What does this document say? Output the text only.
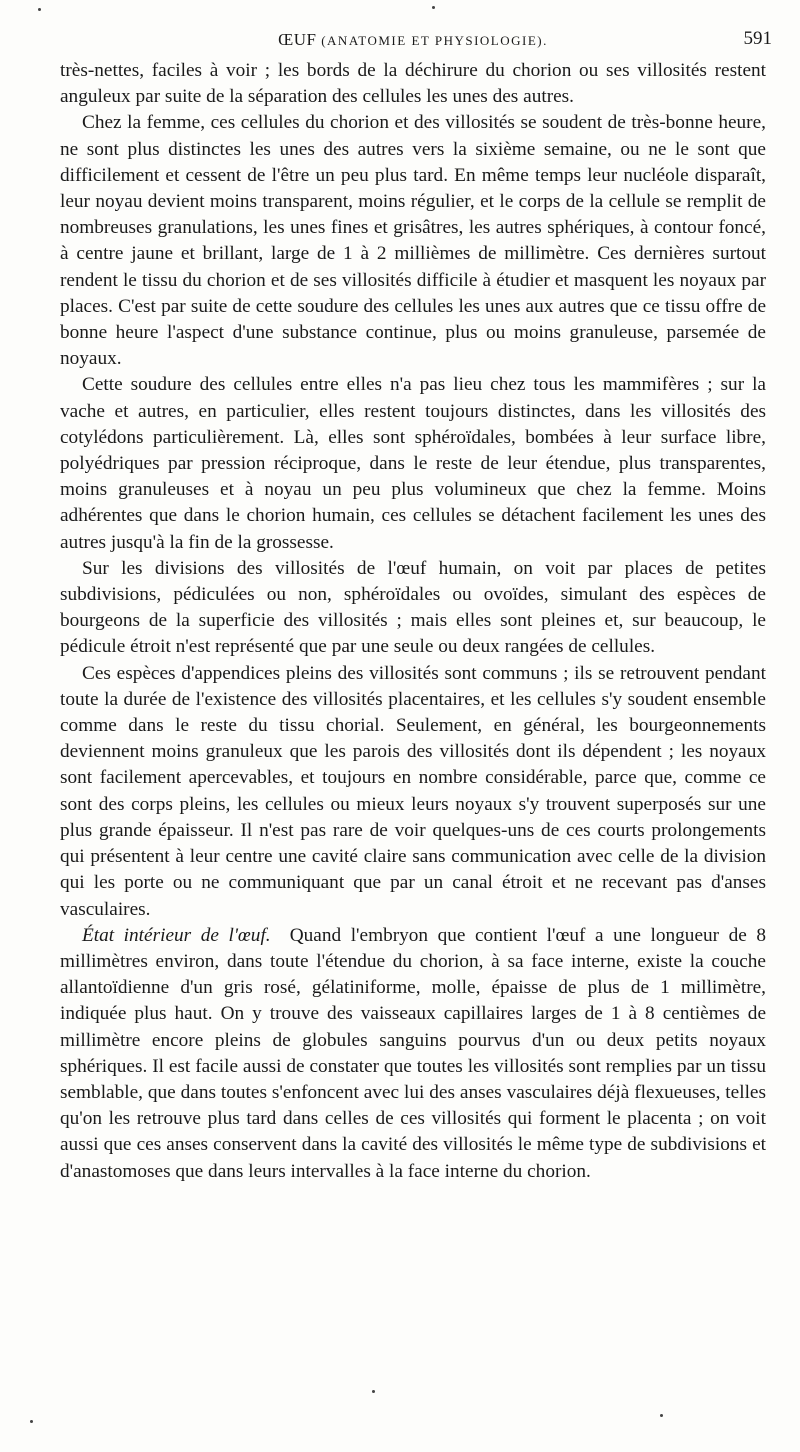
ŒUF (ANATOMIE ET PHYSIOLOGIE).	591

très-nettes, faciles à voir ; les bords de la déchirure du chorion ou ses villosités restent anguleux par suite de la séparation des cellules les unes des autres.

Chez la femme, ces cellules du chorion et des villosités se soudent de très-bonne heure, ne sont plus distinctes les unes des autres vers la sixième semaine, ou ne le sont que difficilement et cessent de l'être un peu plus tard. En même temps leur nucléole disparaît, leur noyau devient moins transparent, moins régulier, et le corps de la cellule se remplit de nombreuses granulations, les unes fines et grisâtres, les autres sphériques, à contour foncé, à centre jaune et brillant, large de 1 à 2 millièmes de millimètre. Ces dernières surtout rendent le tissu du chorion et de ses villosités difficile à étudier et masquent les noyaux par places. C'est par suite de cette soudure des cellules les unes aux autres que ce tissu offre de bonne heure l'aspect d'une substance continue, plus ou moins granuleuse, parsemée de noyaux.

Cette soudure des cellules entre elles n'a pas lieu chez tous les mammifères ; sur la vache et autres, en particulier, elles restent toujours distinctes, dans les villosités des cotylédons particulièrement. Là, elles sont sphéroïdales, bombées à leur surface libre, polyédriques par pression réciproque, dans le reste de leur étendue, plus transparentes, moins granuleuses et à noyau un peu plus volumineux que chez la femme. Moins adhérentes que dans le chorion humain, ces cellules se détachent facilement les unes des autres jusqu'à la fin de la grossesse.

Sur les divisions des villosités de l'œuf humain, on voit par places de petites subdivisions, pédiculées ou non, sphéroïdales ou ovoïdes, simulant des espèces de bourgeons de la superficie des villosités ; mais elles sont pleines et, sur beaucoup, le pédicule étroit n'est représenté que par une seule ou deux rangées de cellules.

Ces espèces d'appendices pleins des villosités sont communs ; ils se retrouvent pendant toute la durée de l'existence des villosités placentaires, et les cellules s'y soudent ensemble comme dans le reste du tissu chorial. Seulement, en général, les bourgeonnements deviennent moins granuleux que les parois des villosités dont ils dépendent ; les noyaux sont facilement apercevables, et toujours en nombre considérable, parce que, comme ce sont des corps pleins, les cellules ou mieux leurs noyaux s'y trouvent superposés sur une plus grande épaisseur. Il n'est pas rare de voir quelques-uns de ces courts prolongements qui présentent à leur centre une cavité claire sans communication avec celle de la division qui les porte ou ne communiquant que par un canal étroit et ne recevant pas d'anses vasculaires.

État intérieur de l'œuf. Quand l'embryon que contient l'œuf a une longueur de 8 millimètres environ, dans toute l'étendue du chorion, à sa face interne, existe la couche allantoïdienne d'un gris rosé, gélatiniforme, molle, épaisse de plus de 1 millimètre, indiquée plus haut. On y trouve des vaisseaux capillaires larges de 1 à 8 centièmes de millimètre encore pleins de globules sanguins pourvus d'un ou deux petits noyaux sphériques. Il est facile aussi de constater que toutes les villosités sont remplies par un tissu semblable, que dans toutes s'enfoncent avec lui des anses vasculaires déjà flexueuses, telles qu'on les retrouve plus tard dans celles de ces villosités qui forment le placenta ; on voit aussi que ces anses conservent dans la cavité des villosités le même type de subdivisions et d'anastomoses que dans leurs intervalles à la face interne du chorion.
